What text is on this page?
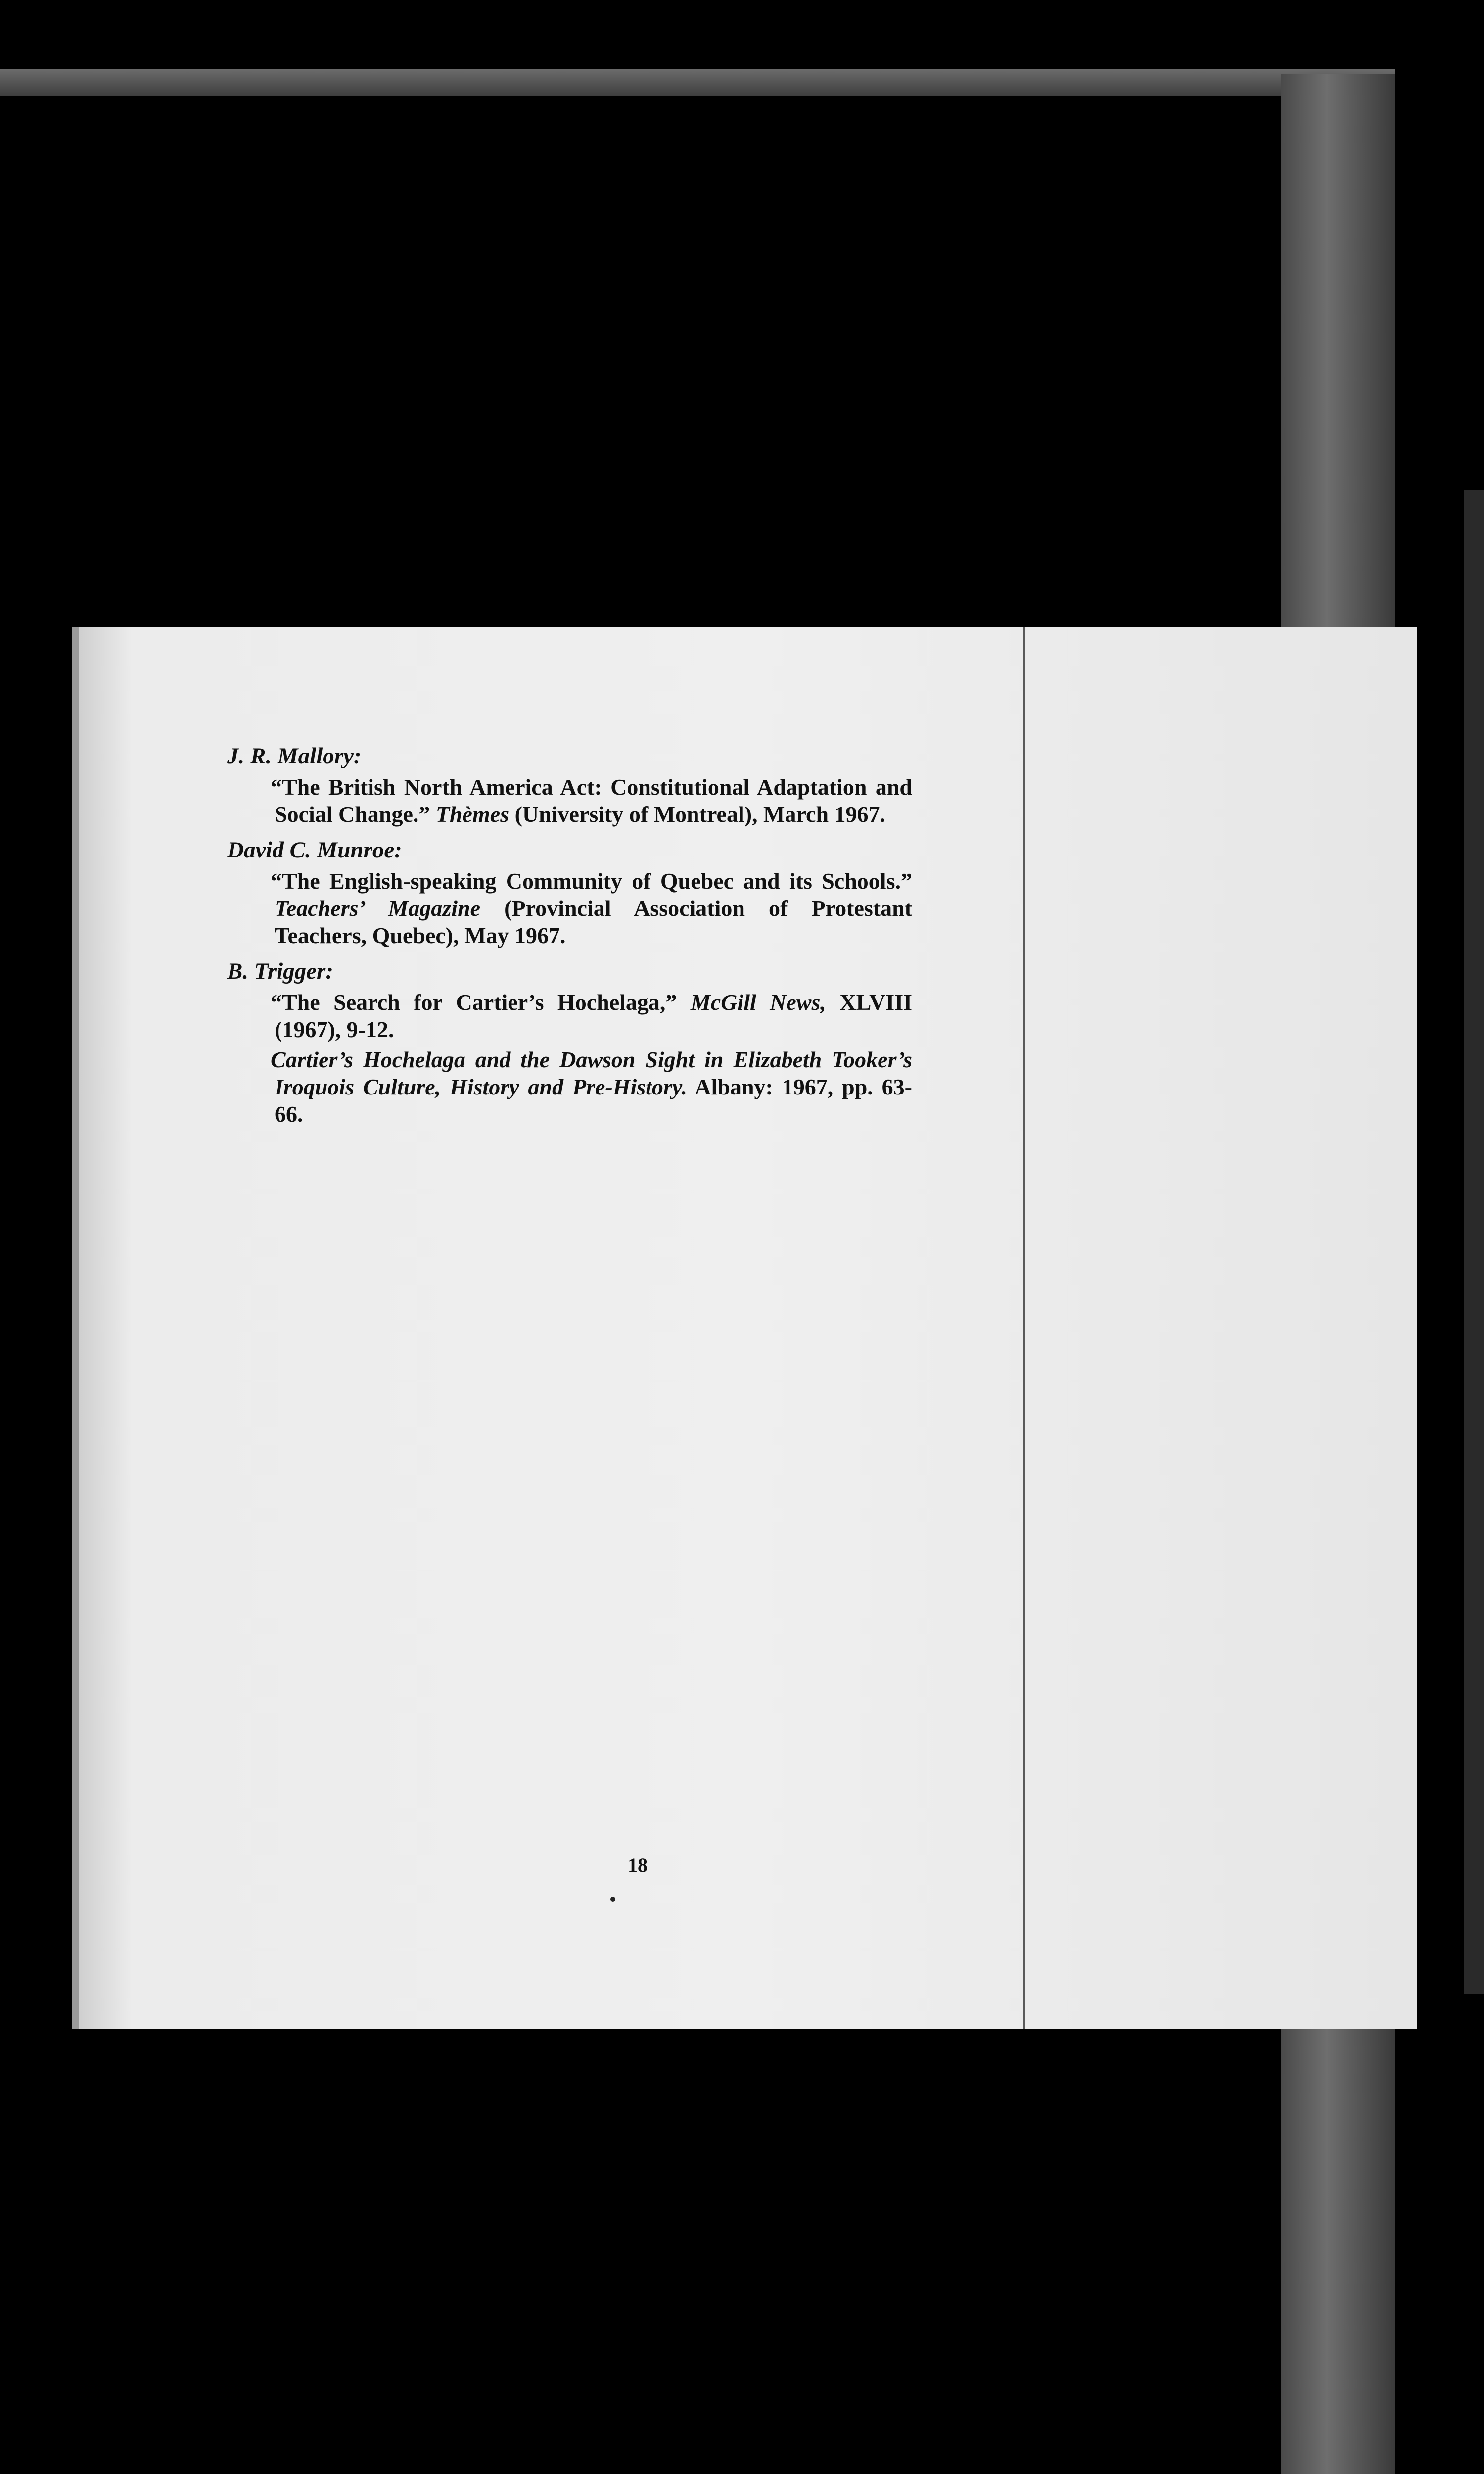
J. R. Mallory:
“The British North America Act: Constitutional Adaptation and Social Change.” Thèmes (University of Montreal), March 1967.
David C. Munroe:
“The English-speaking Community of Quebec and its Schools.” Teachers’ Magazine (Provincial Association of Protestant Teachers, Quebec), May 1967.
B. Trigger:
“The Search for Cartier’s Hochelaga,” McGill News, XLVIII (1967), 9-12.
Cartier’s Hochelaga and the Dawson Sight in Elizabeth Tooker’s Iroquois Culture, History and Pre-History. Albany: 1967, pp. 63-66.
18
